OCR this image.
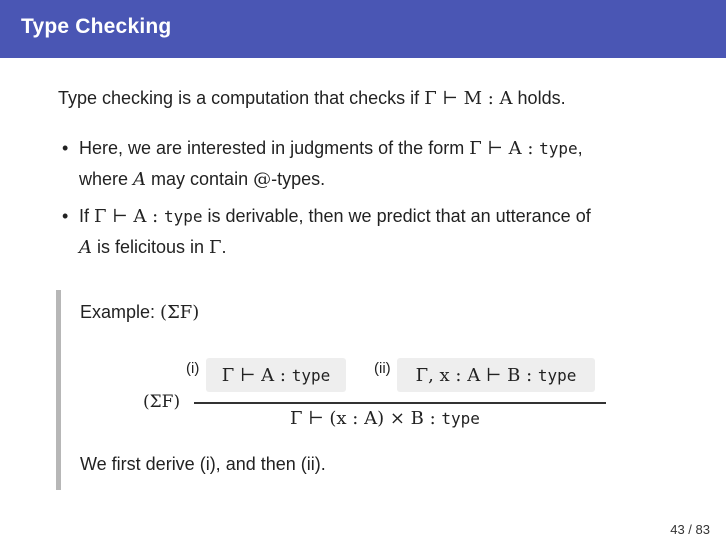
Type Checking
Type checking is a computation that checks if Γ ⊢ M : A holds.
• Here, we are interested in judgments of the form Γ ⊢ A : type,
where A may contain @-types.
• If Γ ⊢ A : type is derivable, then we predict that an utterance of
A is felicitous in Γ.
Example: (ΣF)
(i)	Γ ⊢ A : type	(ii)	Γ, x : A ⊢ B : type
(ΣF)
Γ ⊢ (x : A) × B : type
We first derive (i), and then (ii).
43 / 83
